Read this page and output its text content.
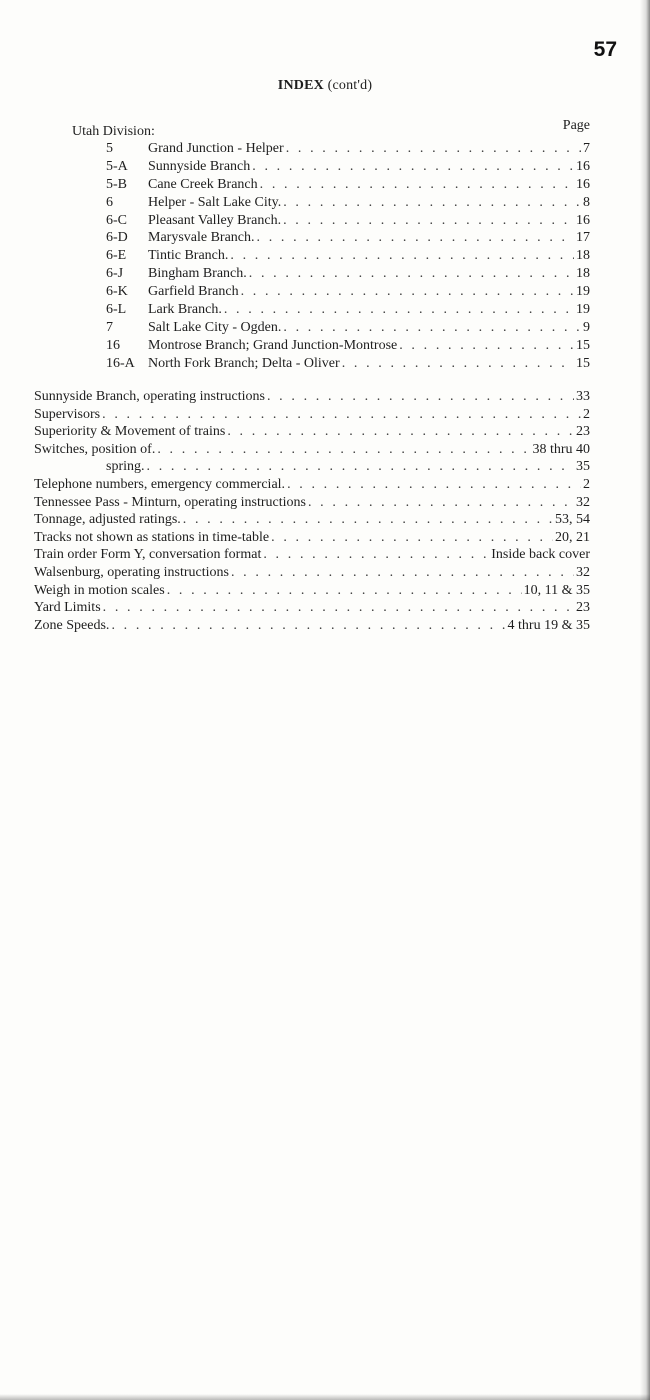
57
INDEX (cont'd)
Utah Division:	Page
5	Grand Junction - Helper . . .	7
5-A	Sunnyside Branch . . .	16
5-B	Cane Creek Branch . . .	16
6	Helper - Salt Lake City. . . .	8
6-C	Pleasant Valley Branch. . . .	16
6-D	Marysvale Branch. . . .	17
6-E	Tintic Branch. . . .	18
6-J	Bingham Branch. . . .	18
6-K	Garfield Branch . . .	19
6-L	Lark Branch. . . .	19
7	Salt Lake City - Ogden. . . .	9
16	Montrose Branch; Grand Junction-Montrose . . .	15
16-A North Fork Branch; Delta - Oliver . . .	15
Sunnyside Branch, operating instructions . . .	33
Supervisors . . .	2
Superiority & Movement of trains . . .	23
Switches, position of. . . .	38 thru 40
spring. . . .	35
Telephone numbers, emergency commercial. . . .	2
Tennessee Pass - Minturn, operating instructions . . .	32
Tonnage, adjusted ratings. . . .	53, 54
Tracks not shown as stations in time-table . . .	20, 21
Train order Form Y, conversation format . . .	Inside back cover
Walsenburg, operating instructions . . .	32
Weigh in motion scales . . .	10, 11 & 35
Yard Limits . . .	23
Zone Speeds. . . .	4 thru 19 & 35
